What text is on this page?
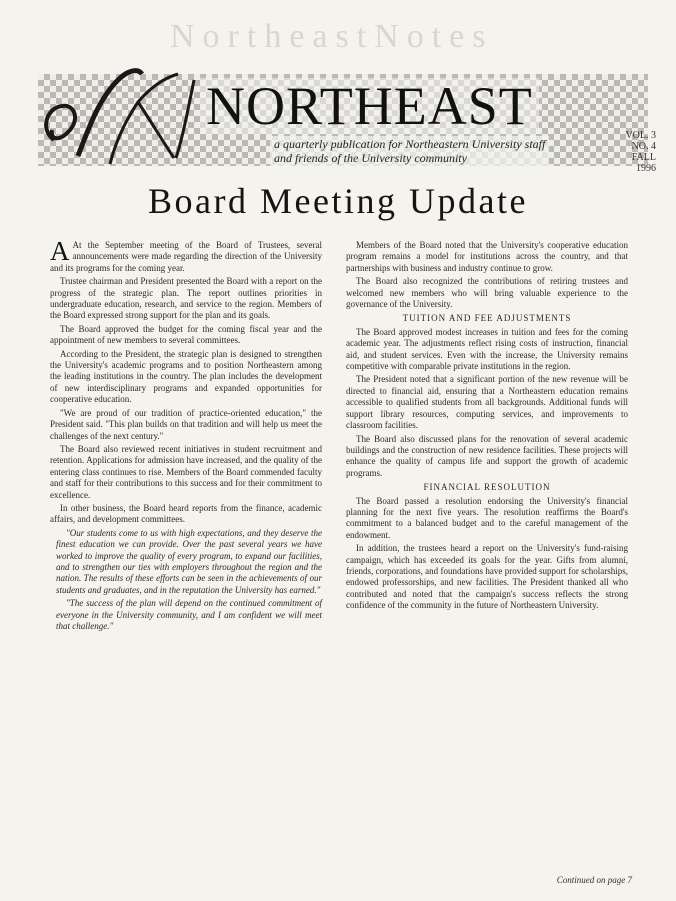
NortheastNotes
NORTHEAST
a quarterly publication for Northeastern University staff
and friends of the University community
VOL. 3
NO. 4
FALL 1996
Board Meeting Update

A At the September meeting of the Board of Trustees, several announcements were made regarding the direction of the University and its programs for the coming year.

Trustee chairman and President presented the Board with a report on the progress of the strategic plan. The report outlines priorities in undergraduate education, research, and service to the region. Members of the Board expressed strong support for the plan and its goals.

The Board approved the budget for the coming fiscal year and the appointment of new members to several committees.

According to the President, the strategic plan is designed to strengthen the University's academic programs and to position Northeastern among the leading institutions in the country. The plan includes the development of new interdisciplinary programs and expanded opportunities for cooperative education.

"We are proud of our tradition of practice-oriented education," the President said. "This plan builds on that tradition and will help us meet the challenges of the next century."

The Board also reviewed recent initiatives in student recruitment and retention. Applications for admission have increased, and the quality of the entering class continues to rise. Members of the Board commended faculty and staff for their contributions to this success and for their commitment to excellence.

In other business, the Board heard reports from the finance, academic affairs, and development committees.

"Our students come to us with high expectations, and they deserve the finest education we can provide. Over the past several years we have worked to improve the quality of every program, to expand our facilities, and to strengthen our ties with employers throughout the region and the nation. The results of these efforts can be seen in the achievements of our students and graduates, and in the reputation the University has earned."

"The success of the plan will depend on the continued commitment of everyone in the University community, and I am confident we will meet that challenge."

Members of the Board noted that the University's cooperative education program remains a model for institutions across the country, and that partnerships with business and industry continue to grow.

The Board also recognized the contributions of retiring trustees and welcomed new members who will bring valuable experience to the governance of the University.

TUITION AND FEE ADJUSTMENTS

The Board approved modest increases in tuition and fees for the coming academic year. The adjustments reflect rising costs of instruction, financial aid, and student services. Even with the increase, the University remains competitive with comparable private institutions in the region.

The President noted that a significant portion of the new revenue will be directed to financial aid, ensuring that a Northeastern education remains accessible to qualified students from all backgrounds. Additional funds will support library resources, computing services, and improvements to classroom facilities.

The Board also discussed plans for the renovation of several academic buildings and the construction of new residence facilities. These projects will enhance the quality of campus life and support the growth of academic programs.

FINANCIAL RESOLUTION

The Board passed a resolution endorsing the University's financial planning for the next five years. The resolution reaffirms the Board's commitment to a balanced budget and to the careful management of the endowment.

In addition, the trustees heard a report on the University's fund-raising campaign, which has exceeded its goals for the year. Gifts from alumni, friends, corporations, and foundations have provided support for scholarships, endowed professorships, and new facilities. The President thanked all who contributed and noted that the campaign's success reflects the strong confidence of the community in the future of Northeastern University.

Continued on page 7
